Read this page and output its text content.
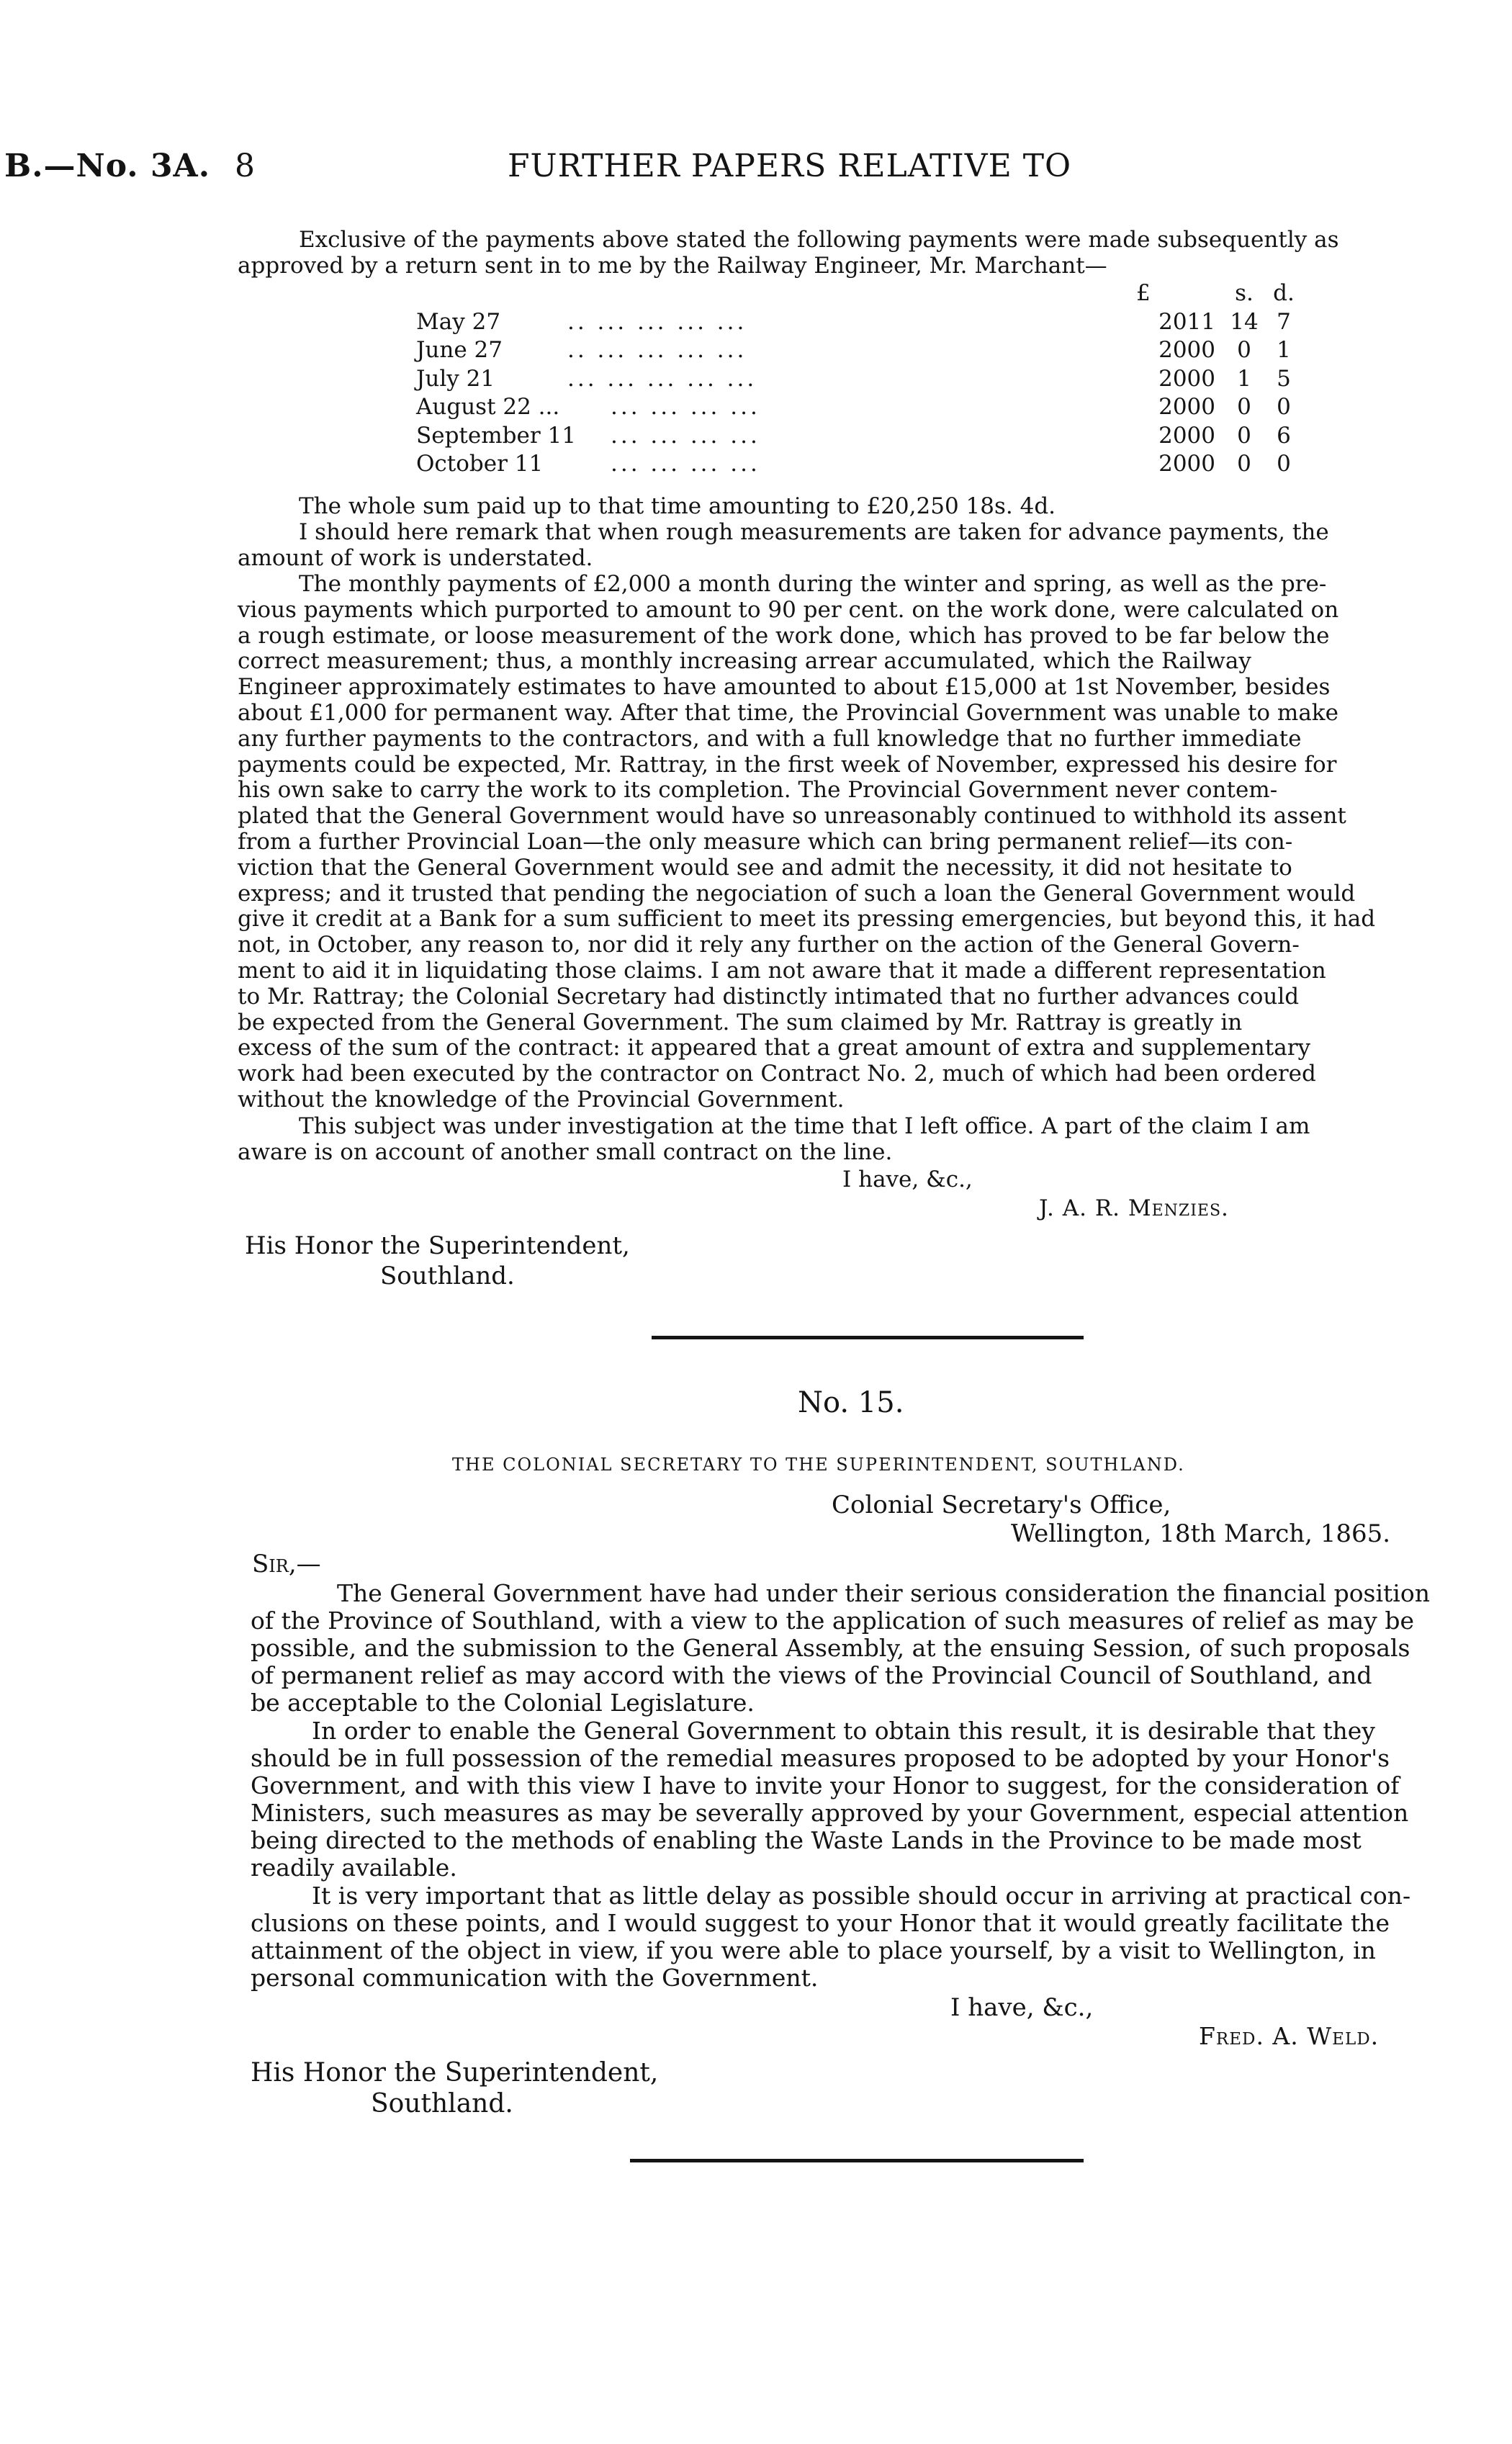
B.—No. 3A. 8	FURTHER PAPERS RELATIVE TO
Exclusive of the payments above stated the following payments were made subsequently as
approved by a return sent in to me by the Railway Engineer, Mr. Marchant—
£	s. d.
May 27	.. ... ... ... ...	2011 14 7
June 27	.. ... ... ... ...	2000 0	1
July 21	... ... ... ... ...	2000 1	5
August 22 ... ... ... ... ...	2000 0	0
September 11 ... ... ... ...	2000 0	6
October 11	... ... ... ...	2000 0	0
The whole sum paid up to that time amounting to £20,250 18s. 4d.
I should here remark that when rough measurements are taken for advance payments, the
amount of work is understated.
The monthly payments of £2,000 a month during the winter and spring, as well as the pre-
vious payments which purported to amount to 90 per cent. on the work done, were calculated on
a rough estimate, or loose measurement of the work done, which has proved to be far below the
correct measurement; thus, a monthly increasing arrear accumulated, which the Railway
Engineer approximately estimates to have amounted to about £15,000 at 1st November, besides
about £1,000 for permanent way. After that time, the Provincial Government was unable to make
any further payments to the contractors, and with a full knowledge that no further immediate
payments could be expected, Mr. Rattray, in the first week of November, expressed his desire for
his own sake to carry the work to its completion. The Provincial Government never contem-
plated that the General Government would have so unreasonably continued to withhold its assent
from a further Provincial Loan—the only measure which can bring permanent relief—its con-
viction that the General Government would see and admit the necessity, it did not hesitate to
express; and it trusted that pending the negociation of such a loan the General Government would
give it credit at a Bank for a sum sufficient to meet its pressing emergencies, but beyond this, it had
not, in October, any reason to, nor did it rely any further on the action of the General Govern-
ment to aid it in liquidating those claims. I am not aware that it made a different representation
to Mr. Rattray; the Colonial Secretary had distinctly intimated that no further advances could
be expected from the General Government. The sum claimed by Mr. Rattray is greatly in
excess of the sum of the contract: it appeared that a great amount of extra and supplementary
work had been executed by the contractor on Contract No. 2, much of which had been ordered
without the knowledge of the Provincial Government.
This subject was under investigation at the time that I left office. A part of the claim I am
aware is on account of another small contract on the line.
I have, &c.,
J. A. R. Menzies.
His Honor the Superintendent,
Southland.
No. 15.
THE COLONIAL SECRETARY TO THE SUPERINTENDENT, SOUTHLAND.
Colonial Secretary's Office,
Wellington, 18th March, 1865.
Sir,—
The General Government have had under their serious consideration the financial position
of the Province of Southland, with a view to the application of such measures of relief as may be
possible, and the submission to the General Assembly, at the ensuing Session, of such proposals
of permanent relief as may accord with the views of the Provincial Council of Southland, and
be acceptable to the Colonial Legislature.
In order to enable the General Government to obtain this result, it is desirable that they
should be in full possession of the remedial measures proposed to be adopted by your Honor's
Government, and with this view I have to invite your Honor to suggest, for the consideration of
Ministers, such measures as may be severally approved by your Government, especial attention
being directed to the methods of enabling the Waste Lands in the Province to be made most
readily available.
It is very important that as little delay as possible should occur in arriving at practical con-
clusions on these points, and I would suggest to your Honor that it would greatly facilitate the
attainment of the object in view, if you were able to place yourself, by a visit to Wellington, in
personal communication with the Government.
I have, &c.,
Fred. A. Weld.
His Honor the Superintendent,
Southland.
